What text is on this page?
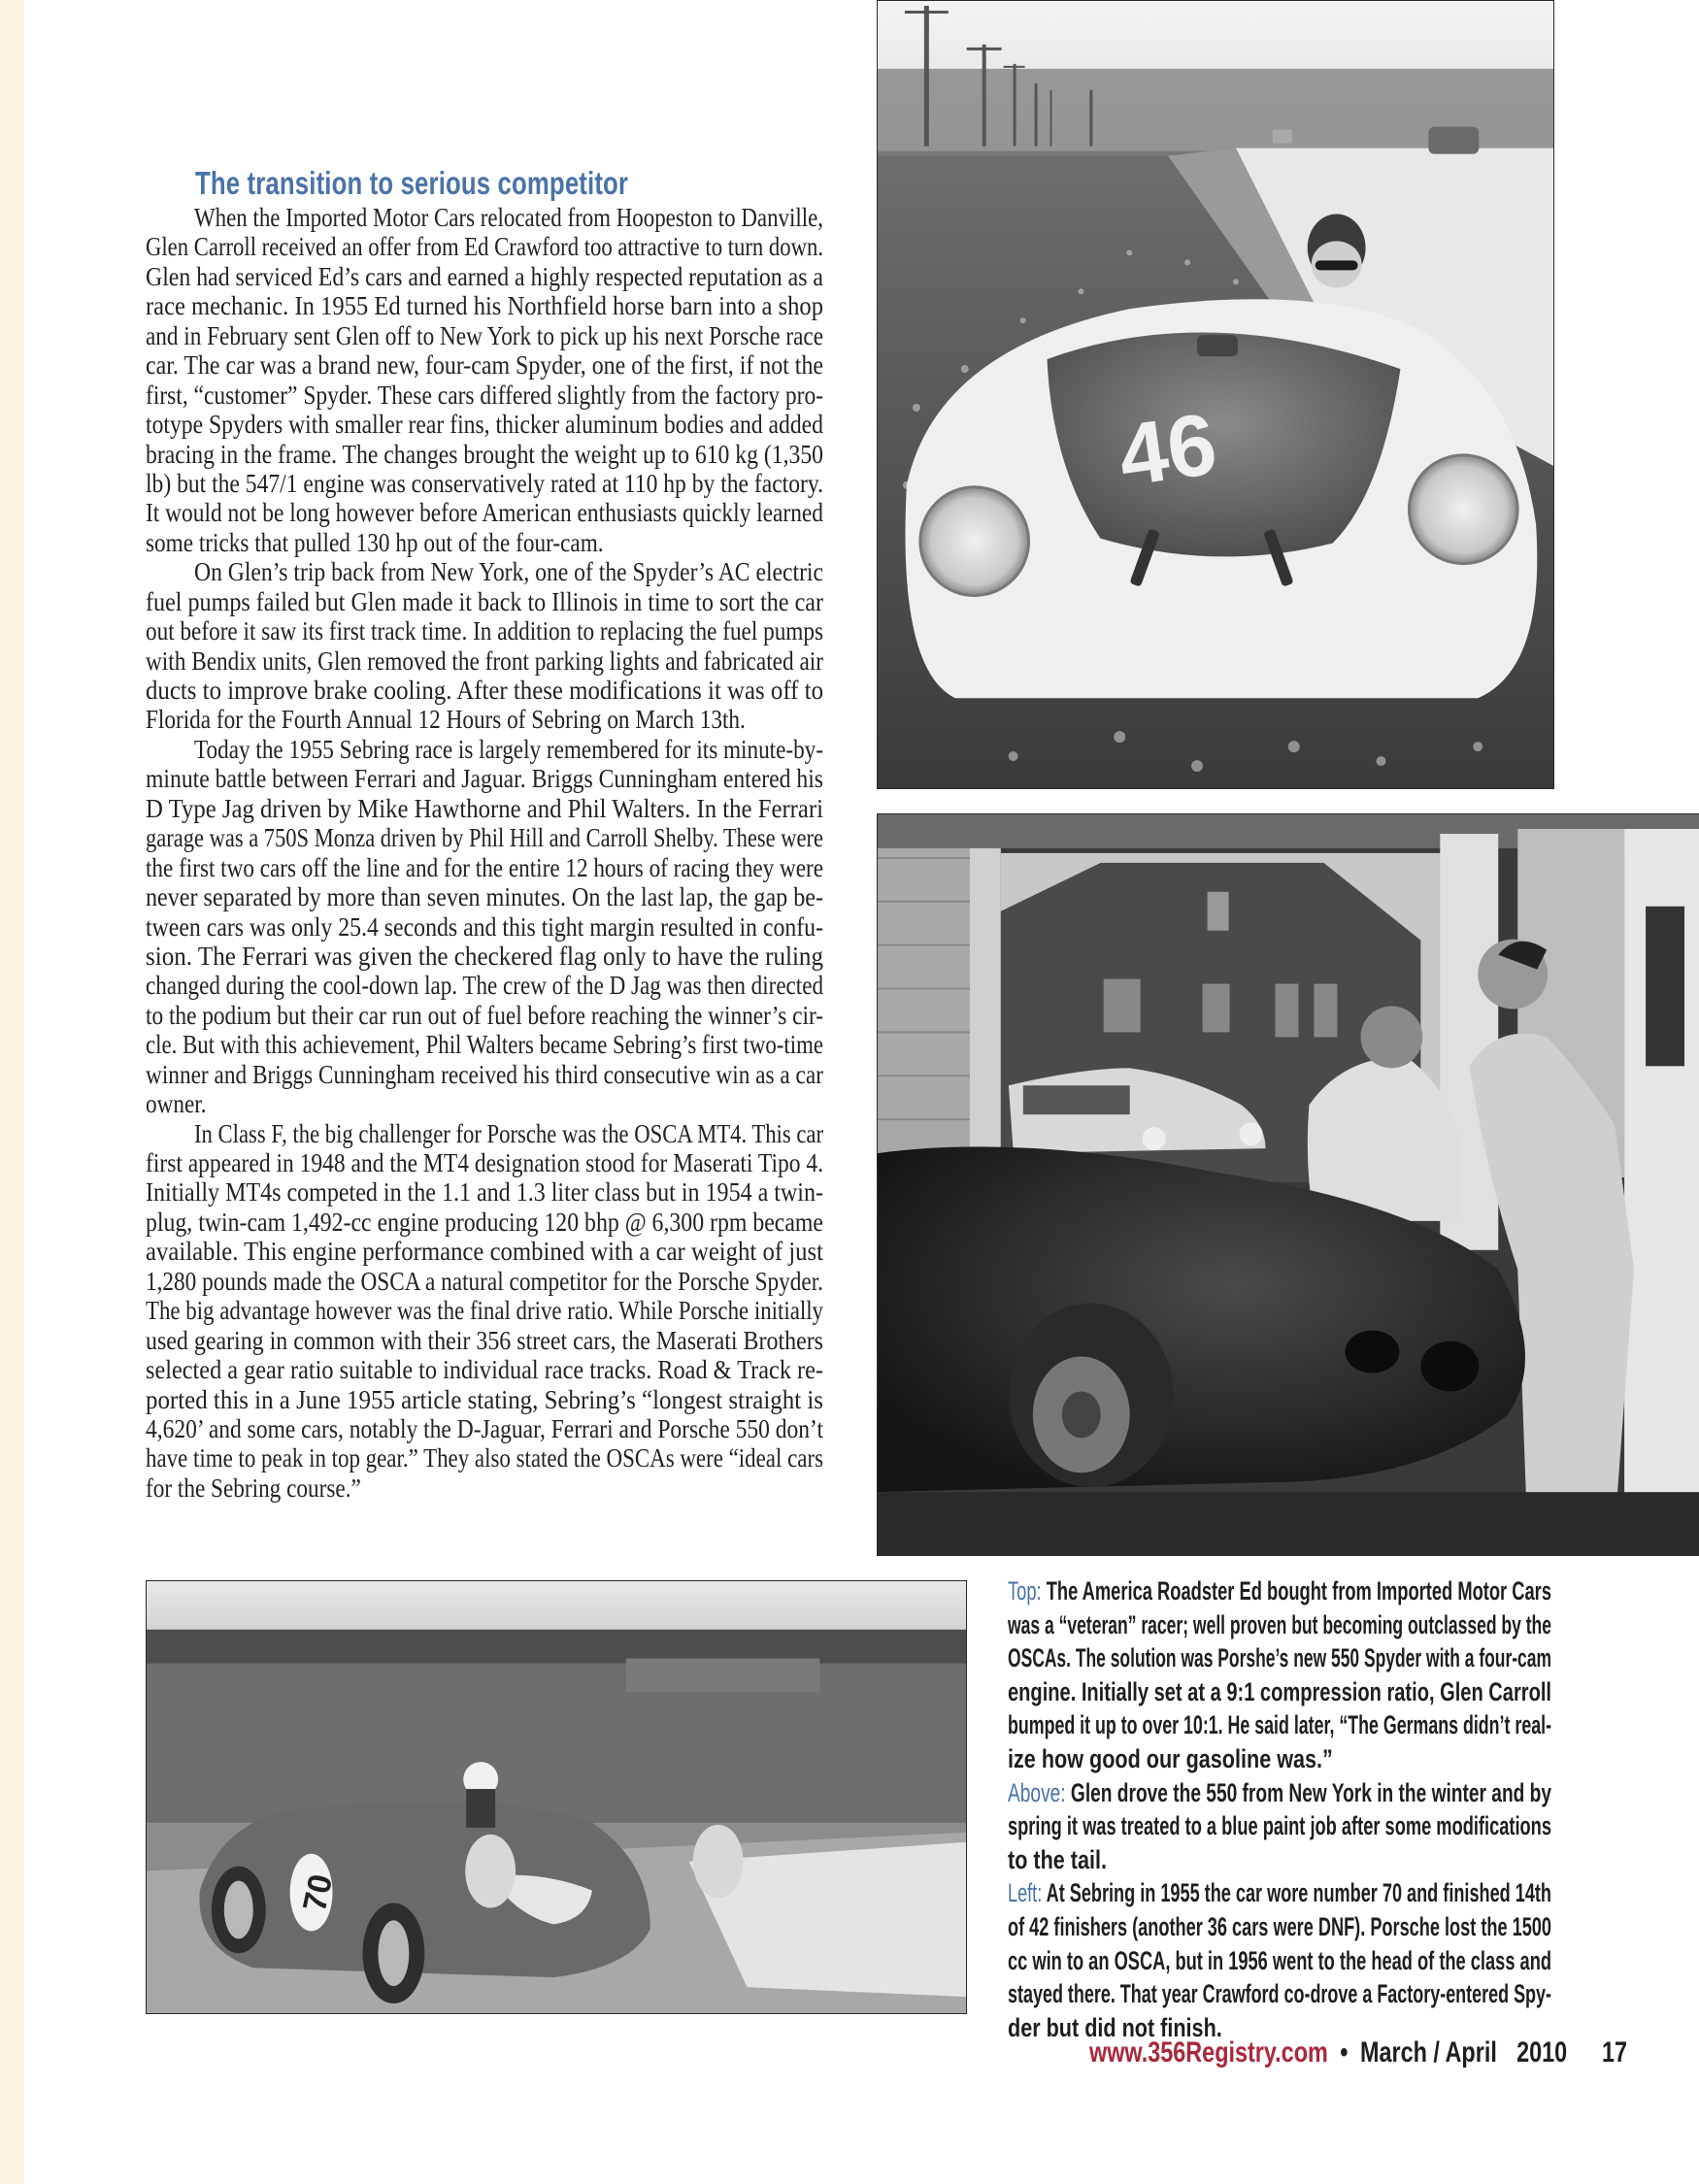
The transition to serious competitor
When the Imported Motor Cars relocated from Hoopeston to Danville,
Glen Carroll received an offer from Ed Crawford too attractive to turn down.
Glen had serviced Ed’s cars and earned a highly respected reputation as a
race mechanic. In 1955 Ed turned his Northfield horse barn into a shop
and in February sent Glen off to New York to pick up his next Porsche race
car. The car was a brand new, four-cam Spyder, one of the first, if not the
first, “customer” Spyder. These cars differed slightly from the factory pro-
totype Spyders with smaller rear fins, thicker aluminum bodies and added
bracing in the frame. The changes brought the weight up to 610 kg (1,350
lb) but the 547/1 engine was conservatively rated at 110 hp by the factory.
It would not be long however before American enthusiasts quickly learned
some tricks that pulled 130 hp out of the four-cam.
On Glen’s trip back from New York, one of the Spyder’s AC electric
fuel pumps failed but Glen made it back to Illinois in time to sort the car
out before it saw its first track time. In addition to replacing the fuel pumps
with Bendix units, Glen removed the front parking lights and fabricated air
ducts to improve brake cooling. After these modifications it was off to
Florida for the Fourth Annual 12 Hours of Sebring on March 13th.
Today the 1955 Sebring race is largely remembered for its minute-by-
minute battle between Ferrari and Jaguar. Briggs Cunningham entered his
D Type Jag driven by Mike Hawthorne and Phil Walters. In the Ferrari
garage was a 750S Monza driven by Phil Hill and Carroll Shelby. These were
the first two cars off the line and for the entire 12 hours of racing they were
never separated by more than seven minutes. On the last lap, the gap be-
tween cars was only 25.4 seconds and this tight margin resulted in confu-
sion. The Ferrari was given the checkered flag only to have the ruling
changed during the cool-down lap. The crew of the D Jag was then directed
to the podium but their car run out of fuel before reaching the winner’s cir-
cle. But with this achievement, Phil Walters became Sebring’s first two-time
winner and Briggs Cunningham received his third consecutive win as a car
owner.
In Class F, the big challenger for Porsche was the OSCA MT4. This car
first appeared in 1948 and the MT4 designation stood for Maserati Tipo 4.
Initially MT4s competed in the 1.1 and 1.3 liter class but in 1954 a twin-
plug, twin-cam 1,492-cc engine producing 120 bhp @ 6,300 rpm became
available. This engine performance combined with a car weight of just
1,280 pounds made the OSCA a natural competitor for the Porsche Spyder.
The big advantage however was the final drive ratio. While Porsche initially
used gearing in common with their 356 street cars, the Maserati Brothers
selected a gear ratio suitable to individual race tracks. Road & Track re-
ported this in a June 1955 article stating, Sebring’s “longest straight is
4,620’ and some cars, notably the D-Jaguar, Ferrari and Porsche 550 don’t
have time to peak in top gear.” They also stated the OSCAs were “ideal cars
for the Sebring course.”
46
70
Top: The America Roadster Ed bought from Imported Motor Cars
was a “veteran” racer; well proven but becoming outclassed by the
OSCAs. The solution was Porshe’s new 550 Spyder with a four-cam
engine. Initially set at a 9:1 compression ratio, Glen Carroll
bumped it up to over 10:1. He said later, “The Germans didn’t real-
ize how good our gasoline was.”
Above: Glen drove the 550 from New York in the winter and by
spring it was treated to a blue paint job after some modifications
to the tail.
Left: At Sebring in 1955 the car wore number 70 and finished 14th
of 42 finishers (another 36 cars were DNF). Porsche lost the 1500
cc win to an OSCA, but in 1956 went to the head of the class and
stayed there. That year Crawford co-drove a Factory-entered Spy-
der but did not finish.
www.356Registry.com • March / April 2010 17
